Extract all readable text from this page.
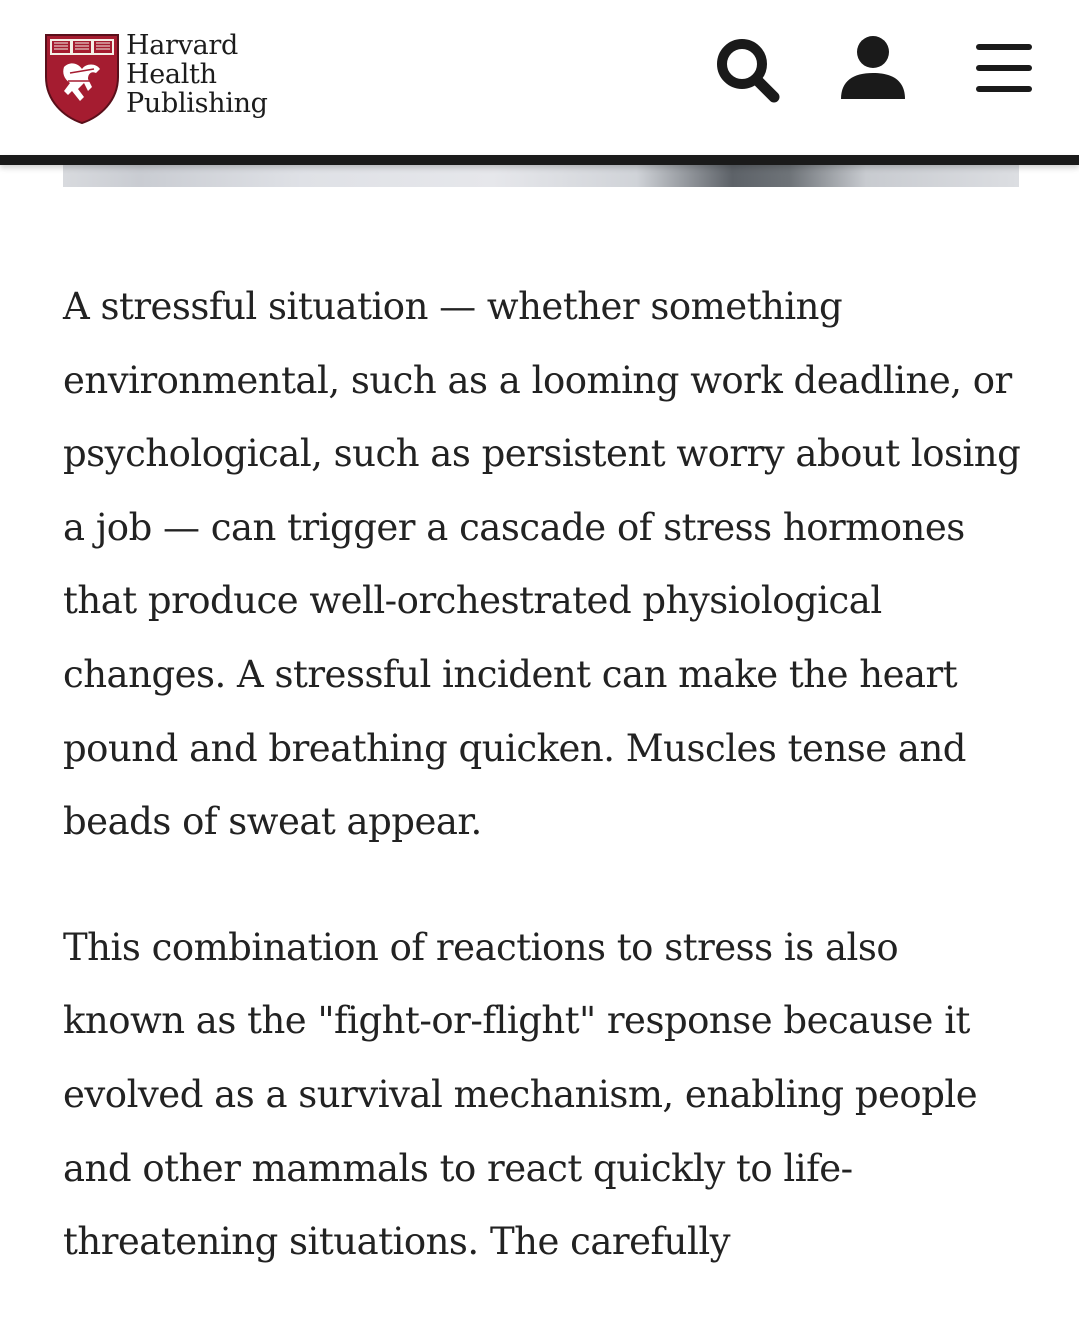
Harvard
Health
Publishing

A stressful situation — whether something environmental, such as a looming work deadline, or psychological, such as persistent worry about losing a job — can trigger a cascade of stress hormones that produce well-orchestrated physiological changes. A stressful incident can make the heart pound and breathing quicken. Muscles tense and beads of sweat appear.

This combination of reactions to stress is also known as the "fight-or-flight" response because it evolved as a survival mechanism, enabling people and other mammals to react quickly to life-threatening situations. The carefully
